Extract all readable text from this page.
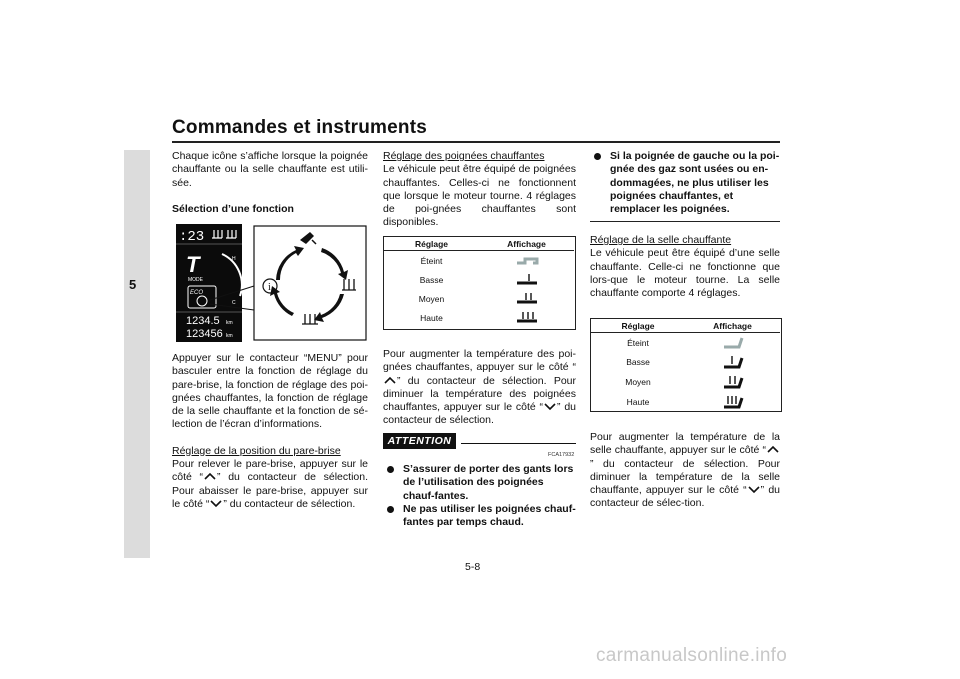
Commandes et instruments
5

Chaque icône s’affiche lorsque la poignée chauffante ou la selle chauffante est utili-sée.

Sélection d’une fonction

:23
T
MODE
H
C
ECO
1234.5 km
123456 km
i

Appuyer sur le contacteur “MENU” pour basculer entre la fonction de réglage du pare-brise, la fonction de réglage des poi-gnées chauffantes, la fonction de réglage de la selle chauffante et la fonction de sé-lection de l’écran d’informations.

Réglage de la position du pare-brise

Pour relever le pare-brise, appuyer sur le côté “ ” du contacteur de sélection. Pour abaisser le pare-brise, appuyer sur le côté “ ” du contacteur de sélection.

Réglage des poignées chauffantes

Le véhicule peut être équipé de poignées chauffantes. Celles-ci ne fonctionnent que lorsque le moteur tourne. 4 réglages de poi-gnées chauffantes sont disponibles.

Réglage	Affichage
Éteint	
Basse	
Moyen	
Haute	

Pour augmenter la température des poi-gnées chauffantes, appuyer sur le côté “
” du contacteur de sélection. Pour diminuer la température des poignées chauffantes, appuyer sur le côté “ ” du contacteur de sélection.

ATTENTION
FCA17932
S’assurer de porter des gants lors de l’utilisation des poignées chauf-fantes.
Ne pas utiliser les poignées chauf-fantes par temps chaud.
Si la poignée de gauche ou la poi-gnée des gaz sont usées ou en-dommagées, ne plus utiliser les poignées chauffantes, et remplacer les poignées.

Réglage de la selle chauffante

Le véhicule peut être équipé d’une selle chauffante. Celle-ci ne fonctionne que lors-que le moteur tourne. La selle chauffante comporte 4 réglages.

Réglage	Affichage
Éteint	
Basse	
Moyen	
Haute	

Pour augmenter la température de la selle chauffante, appuyer sur le côté “
” du contacteur de sélection. Pour diminuer la température de la selle chauffante, appuyer sur le côté “ ” du contacteur de sélec-tion.

5-8
carmanualsonline.info
